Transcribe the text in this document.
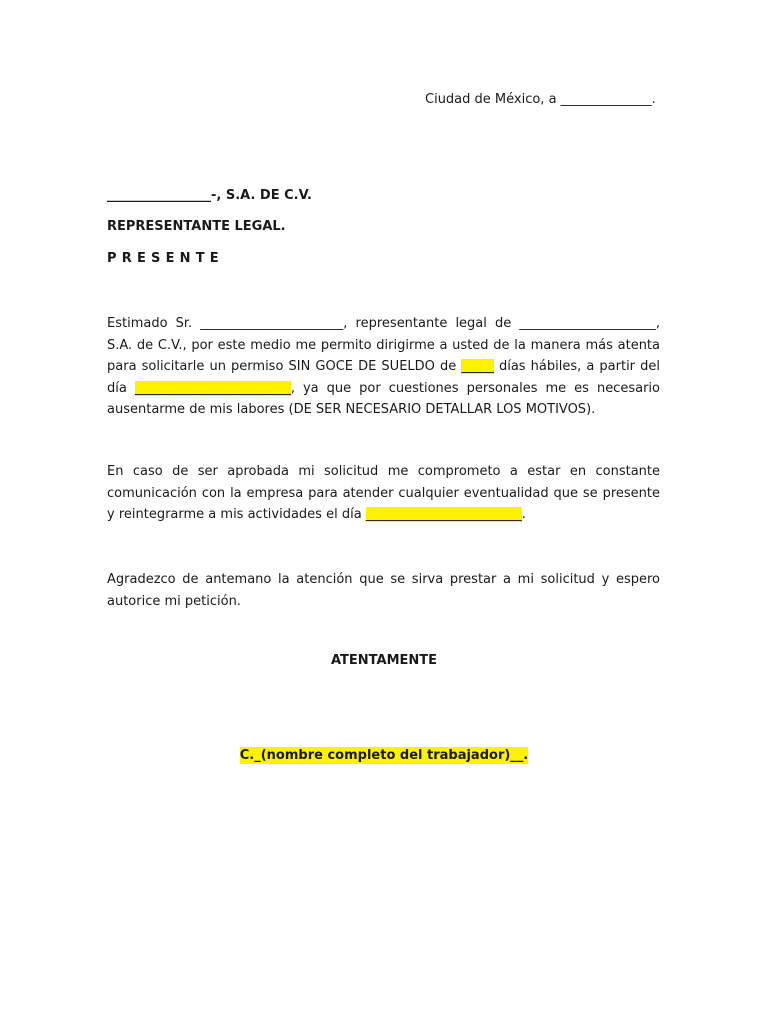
Ciudad de México, a ______________.
________________-, S.A. DE C.V.
REPRESENTANTE LEGAL.
PRESENTE
Estimado Sr. ______________________, representante legal de _____________________, S.A. de C.V., por este medio me permito dirigirme a usted de la manera más atenta para solicitarle un permiso SIN GOCE DE SUELDO de _____ días hábiles, a partir del día ________________________, ya que por cuestiones personales me es necesario ausentarme de mis labores (DE SER NECESARIO DETALLAR LOS MOTIVOS).
En caso de ser aprobada mi solicitud me comprometo a estar en constante comunicación con la empresa para atender cualquier eventualidad que se presente y reintegrarme a mis actividades el día ________________________.
Agradezco de antemano la atención que se sirva prestar a mi solicitud y espero autorice mi petición.
ATENTAMENTE
C._(nombre completo del trabajador)__.
